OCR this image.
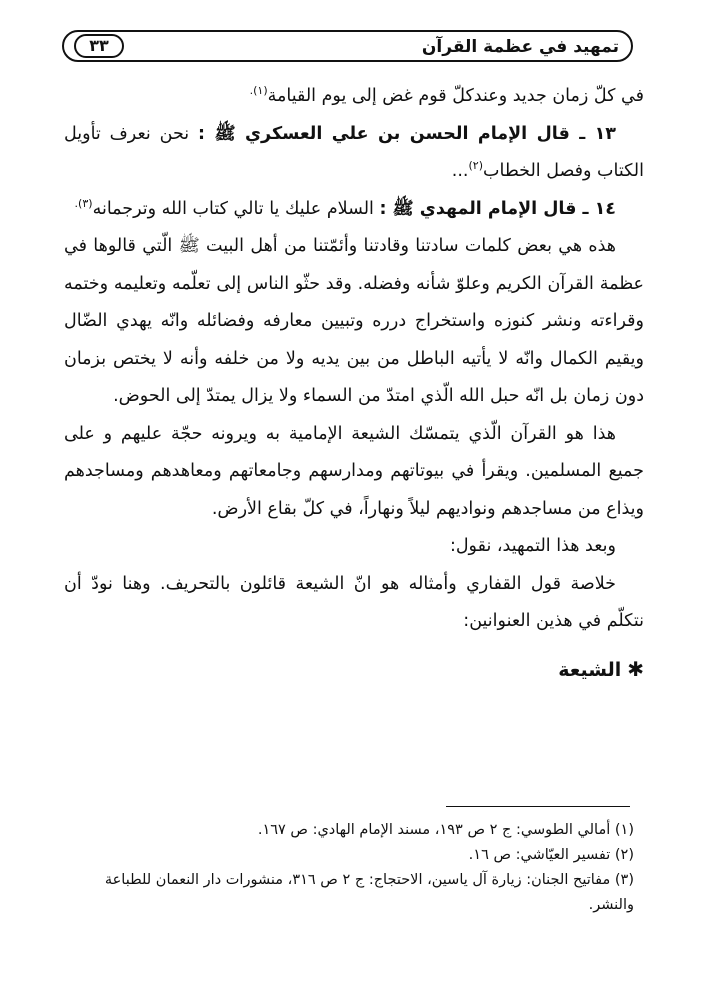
تمهيد في عظمة القرآن
٣٣

في كلّ زمان جديد وعندكلّ قوم غض إلى يوم القيامة$^{(١).}$

١٣ ـ قال الإمام الحسن بن علي العسكري ﷺ : نحن نعرف تأويل الكتاب وفصل الخطاب$^{(٢)}$...

١٤ ـ قال الإمام المهدي ﷺ : السلام عليك يا تالي كتاب الله وترجمانه$^{(٣).}$

هذه هي بعض كلمات سادتنا وقادتنا وأئمّتنا من أهل البيت ﷺ الّتي قالوها في عظمة القرآن الكريم وعلوّ شأنه وفضله. وقد حثّو الناس إلى تعلّمه وتعليمه وختمه وقراءته ونشر كنوزه واستخراج درره وتبيين معارفه وفضائله وانّه يهدي الضّال ويقيم الكمال وانّه لا يأتيه الباطل من بين يديه ولا من خلفه وأنه لا يختص بزمان دون زمان بل انّه حبل الله الّذي امتدّ من السماء ولا يزال يمتدّ إلى الحوض.

هذا هو القرآن الّذي يتمسّك الشيعة الإمامية به ويرونه حجّة عليهم و على جميع المسلمين. ويقرأ في بيوتاتهم ومدارسهم وجامعاتهم ومعاهدهم ومساجدهم ويذاع من مساجدهم ونواديهم ليلاً ونهاراً، في كلّ بقاع الأرض.

وبعد هذا التمهيد، نقول:

خلاصة قول القفاري وأمثاله هو انّ الشيعة قائلون بالتحريف. وهنا نودّ أن نتكلّم في هذين العنوانين:

✱الشيعة

(١) أمالي الطوسي: ج ٢ ص ١٩٣، مسند الإمام الهادي: ص ١٦٧.
(٢) تفسير العيّاشي: ص ١٦.
(٣) مفاتيح الجنان: زيارة آل ياسين، الاحتجاج: ج ٢ ص ٣١٦، منشورات دار النعمان للطباعة والنشر.
